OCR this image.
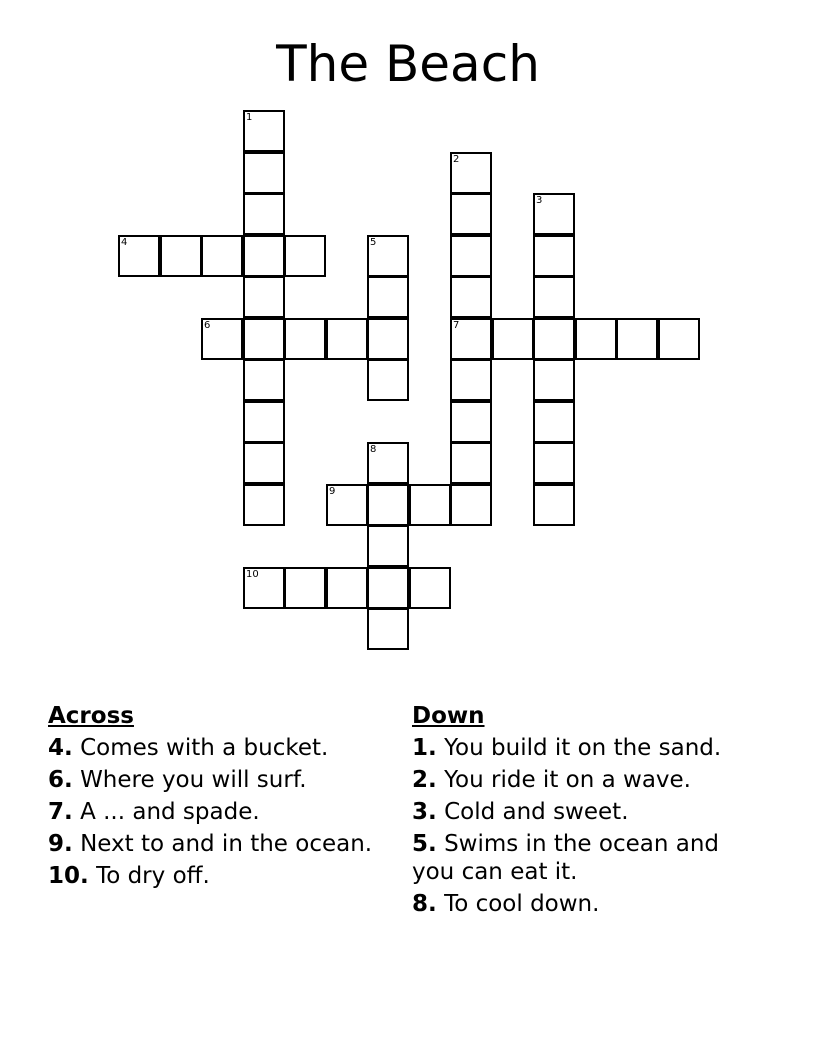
The Beach
1
2
3
4	5
6	7
8
9
10
Across
4. Comes with a bucket.
6. Where you will surf.
7. A ... and spade.
9. Next to and in the ocean.
10. To dry off.
Down
1. You build it on the sand.
2. You ride it on a wave.
3. Cold and sweet.
5. Swims in the ocean and you can eat it.
8. To cool down.
